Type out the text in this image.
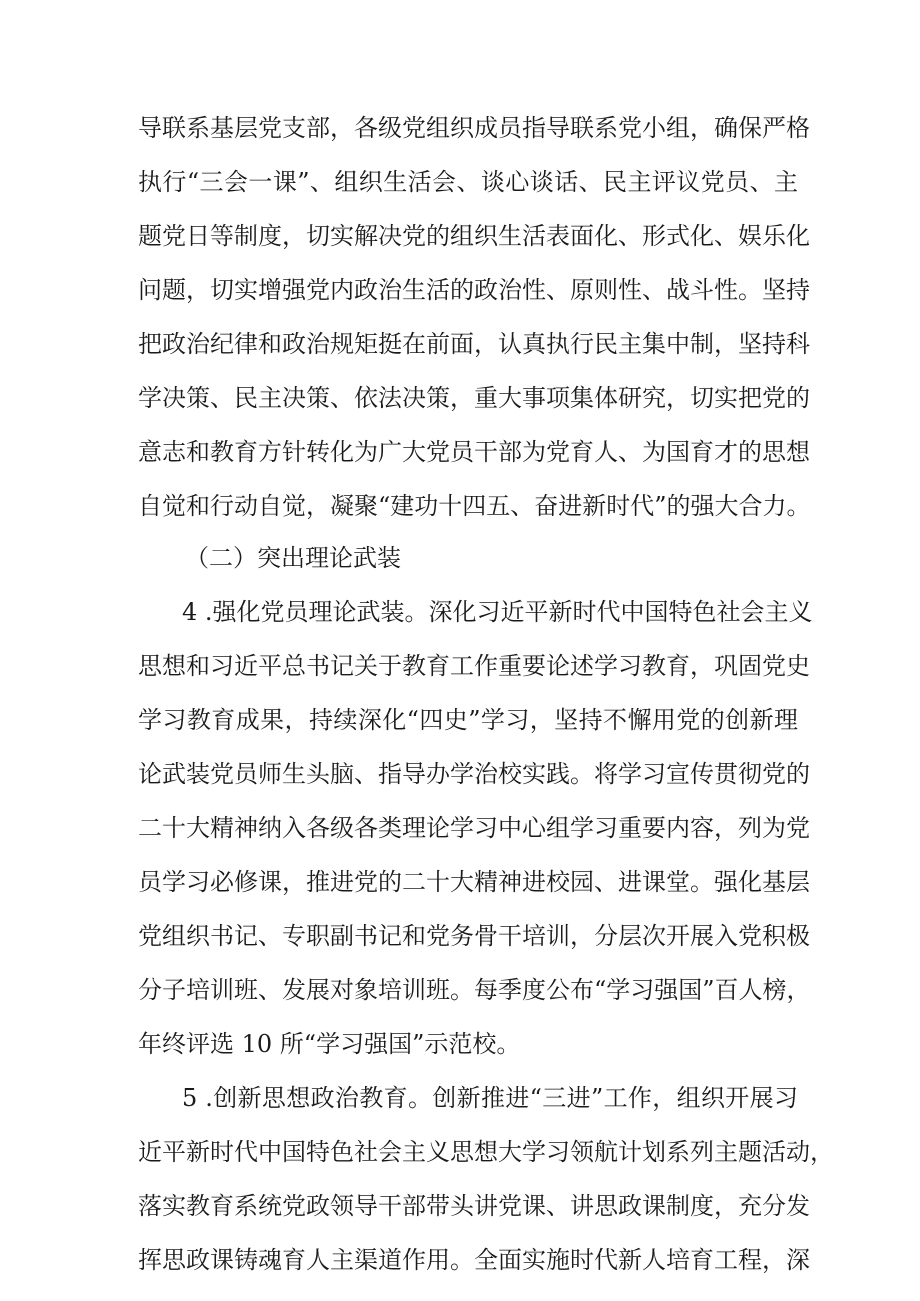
导联系基层党支部，各级党组织成员指导联系党小组，确保严格
执行“三会一课”、组织生活会、谈心谈话、民主评议党员、主
题党日等制度，切实解决党的组织生活表面化、形式化、娱乐化
问题，切实增强党内政治生活的政治性、原则性、战斗性。坚持
把政治纪律和政治规矩挺在前面，认真执行民主集中制，坚持科
学决策、民主决策、依法决策，重大事项集体研究，切实把党的
意志和教育方针转化为广大党员干部为党育人、为国育才的思想
自觉和行动自觉，凝聚“建功十四五、奋进新时代”的强大合力。
（二）突出理论武装
4 .强化党员理论武装。深化习近平新时代中国特色社会主义
思想和习近平总书记关于教育工作重要论述学习教育，巩固党史
学习教育成果，持续深化“四史”学习，坚持不懈用党的创新理
论武装党员师生头脑、指导办学治校实践。将学习宣传贯彻党的
二十大精神纳入各级各类理论学习中心组学习重要内容，列为党
员学习必修课，推进党的二十大精神进校园、进课堂。强化基层
党组织书记、专职副书记和党务骨干培训，分层次开展入党积极
分子培训班、发展对象培训班。每季度公布“学习强国”百人榜，
年终评选 10 所“学习强国”示范校。
5 .创新思想政治教育。创新推进“三进”工作，组织开展习
近平新时代中国特色社会主义思想大学习领航计划系列主题活动，
落实教育系统党政领导干部带头讲党课、讲思政课制度，充分发
挥思政课铸魂育人主渠道作用。全面实施时代新人培育工程，深
